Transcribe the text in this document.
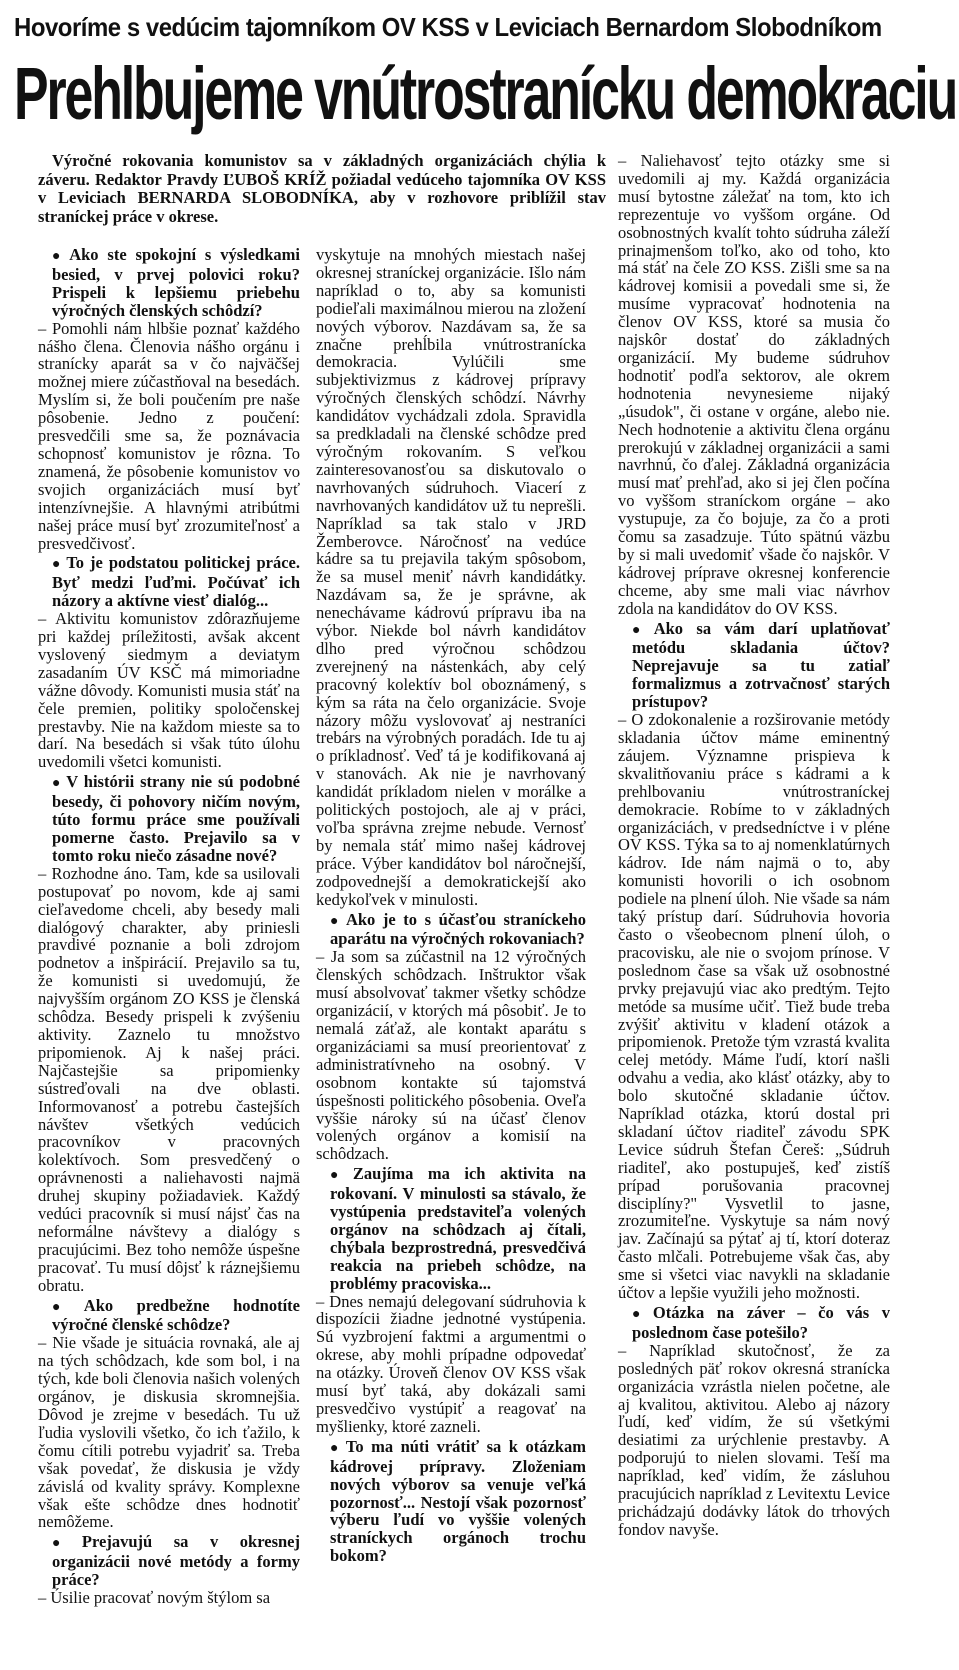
Hovoríme s vedúcim tajomníkom OV KSS v Leviciach Bernardom Slobodníkom
Prehlbujeme vnútrostranícku demokraciu

Výročné rokovania komunistov sa v základných organizáciách chýlia k záveru. Redaktor Pravdy ĽUBOŠ KRÍŽ požiadal vedúceho tajomníka OV KSS v Leviciach BERNARDA SLOBODNÍKA, aby v rozhovore priblížil stav straníckej práce v okrese.

● Ako ste spokojní s výsledkami besied, v prvej polovici roku? Prispeli k lepšiemu priebehu výročných členských schôdzí?

– Pomohli nám hlbšie poznať každého nášho člena. Členovia nášho orgánu i stranícky aparát sa v čo najväčšej možnej miere zúčastňoval na besedách. Myslím si, že boli poučením pre naše pôsobenie. Jedno z poučení: presvedčili sme sa, že poznávacia schopnosť komunistov je rôzna. To znamená, že pôsobenie komunistov vo svojich organizáciách musí byť intenzívnejšie. A hlavnými atribútmi našej práce musí byť zrozumiteľnosť a presvedčivosť.

● To je podstatou politickej práce. Byť medzi ľuďmi. Počúvať ich názory a aktívne viesť dialóg...

– Aktivitu komunistov zdôrazňujeme pri každej príležitosti, avšak akcent vyslovený siedmym a deviatym zasadaním ÚV KSČ má mimoriadne vážne dôvody. Komunisti musia stáť na čele premien, politiky spoločenskej prestavby. Nie na každom mieste sa to darí. Na besedách si však túto úlohu uvedomili všetci komunisti.

● V histórii strany nie sú podobné besedy, či pohovory ničím novým, túto formu práce sme používali pomerne často. Prejavilo sa v tomto roku niečo zásadne nové?

– Rozhodne áno. Tam, kde sa usilovali postupovať po novom, kde aj sami cieľavedome chceli, aby besedy mali dialógový charakter, aby priniesli pravdivé poznanie a boli zdrojom podnetov a inšpirácií. Prejavilo sa tu, že komunisti si uvedomujú, že najvyšším orgánom ZO KSS je členská schôdza. Besedy prispeli k zvýšeniu aktivity. Zaznelo tu množstvo pripomienok. Aj k našej práci. Najčastejšie sa pripomienky sústreďovali na dve oblasti. Informovanosť a potrebu častejších návštev všetkých vedúcich pracovníkov v pracovných kolektívoch. Som presvedčený o oprávnenosti a naliehavosti najmä druhej skupiny požiadaviek. Každý vedúci pracovník si musí nájsť čas na neformálne návštevy a dialógy s pracujúcimi. Bez toho nemôže úspešne pracovať. Tu musí dôjsť k ráznejšiemu obratu.

● Ako predbežne hodnotíte výročné členské schôdze?

– Nie všade je situácia rovnaká, ale aj na tých schôdzach, kde som bol, i na tých, kde boli členovia našich volených orgánov, je diskusia skromnejšia. Dôvod je zrejme v besedách. Tu už ľudia vyslovili všetko, čo ich ťažilo, k čomu cítili potrebu vyjadriť sa. Treba však povedať, že diskusia je vždy závislá od kvality správy. Komplexne však ešte schôdze dnes hodnotiť nemôžeme.

● Prejavujú sa v okresnej organizácii nové metódy a formy práce?

– Úsilie pracovať novým štýlom sa

vyskytuje na mnohých miestach našej okresnej straníckej organizácie. Išlo nám napríklad o to, aby sa komunisti podieľali maximálnou mierou na zložení nových výborov. Nazdávam sa, že sa značne prehĺbila vnútrostranícka demokracia. Vylúčili sme subjektivizmus z kádrovej prípravy výročných členských schôdzí. Návrhy kandidátov vychádzali zdola. Spravidla sa predkladali na členské schôdze pred výročným rokovaním. S veľkou zainteresovanosťou sa diskutovalo o navrhovaných súdruhoch. Viacerí z navrhovaných kandidátov už tu neprešli. Napríklad sa tak stalo v JRD Žemberovce. Náročnosť na vedúce kádre sa tu prejavila takým spôsobom, že sa musel meniť návrh kandidátky. Nazdávam sa, že je správne, ak nenechávame kádrovú prípravu iba na výbor. Niekde bol návrh kandidátov dlho pred výročnou schôdzou zverejnený na nástenkách, aby celý pracovný kolektív bol oboznámený, s kým sa ráta na čelo organizácie. Svoje názory môžu vyslovovať aj nestraníci trebárs na výrobných poradách. Ide tu aj o príkladnosť. Veď tá je kodifikovaná aj v stanovách. Ak nie je navrhovaný kandidát príkladom nielen v morálke a politických postojoch, ale aj v práci, voľba správna zrejme nebude. Vernosť by nemala stáť mimo našej kádrovej práce. Výber kandidátov bol náročnejší, zodpovednejší a demokratickejší ako kedykoľvek v minulosti.

● Ako je to s účasťou straníckeho aparátu na výročných rokovaniach?

– Ja som sa zúčastnil na 12 výročných členských schôdzach. Inštruktor však musí absolvovať takmer všetky schôdze organizácií, v ktorých má pôsobiť. Je to nemalá záťaž, ale kontakt aparátu s organizáciami sa musí preorientovať z administratívneho na osobný. V osobnom kontakte sú tajomstvá úspešnosti politického pôsobenia. Oveľa vyššie nároky sú na účasť členov volených orgánov a komisií na schôdzach.

● Zaujíma ma ich aktivita na rokovaní. V minulosti sa stávalo, že vystúpenia predstaviteľa volených orgánov na schôdzach aj čítali, chýbala bezprostredná, presvedčivá reakcia na priebeh schôdze, na problémy pracoviska...

– Dnes nemajú delegovaní súdruhovia k dispozícii žiadne jednotné vystúpenia. Sú vyzbrojení faktmi a argumentmi o okrese, aby mohli prípadne odpovedať na otázky. Úroveň členov OV KSS však musí byť taká, aby dokázali sami presvedčivo vystúpiť a reagovať na myšlienky, ktoré zazneli.

● To ma núti vrátiť sa k otázkam kádrovej prípravy. Zloženiam nových výborov sa venuje veľká pozornosť... Nestojí však pozornosť výberu ľudí vo vyššie volených straníckych orgánoch trochu bokom?

– Naliehavosť tejto otázky sme si uvedomili aj my. Každá organizácia musí bytostne záležať na tom, kto ich reprezentuje vo vyššom orgáne. Od osobnostných kvalít tohto súdruha záleží prinajmenšom toľko, ako od toho, kto má stáť na čele ZO KSS. Zišli sme sa na kádrovej komisii a povedali sme si, že musíme vypracovať hodnotenia na členov OV KSS, ktoré sa musia čo najskôr dostať do základných organizácií. My budeme súdruhov hodnotiť podľa sektorov, ale okrem hodnotenia nevynesieme nijaký „úsudok", či ostane v orgáne, alebo nie. Nech hodnotenie a aktivitu člena orgánu prerokujú v základnej organizácii a sami navrhnú, čo ďalej. Základná organizácia musí mať prehľad, ako si jej člen počína vo vyššom straníckom orgáne – ako vystupuje, za čo bojuje, za čo a proti čomu sa zasadzuje. Túto spätnú väzbu by si mali uvedomiť všade čo najskôr. V kádrovej príprave okresnej konferencie chceme, aby sme mali viac návrhov zdola na kandidátov do OV KSS.

● Ako sa vám darí uplatňovať metódu skladania účtov? Neprejavuje sa tu zatiaľ formalizmus a zotrvačnosť starých prístupov?

– O zdokonalenie a rozširovanie metódy skladania účtov máme eminentný záujem. Významne prispieva k skvalitňovaniu práce s kádrami a k prehlbovaniu vnútrostraníckej demokracie. Robíme to v základných organizáciách, v predsedníctve i v pléne OV KSS. Týka sa to aj nomenklatúrnych kádrov. Ide nám najmä o to, aby komunisti hovorili o ich osobnom podiele na plnení úloh. Nie všade sa nám taký prístup darí. Súdruhovia hovoria často o všeobecnom plnení úloh, o pracovisku, ale nie o svojom prínose. V poslednom čase sa však už osobnostné prvky prejavujú viac ako predtým. Tejto metóde sa musíme učiť. Tiež bude treba zvýšiť aktivitu v kladení otázok a pripomienok. Pretože tým vzrastá kvalita celej metódy. Máme ľudí, ktorí našli odvahu a vedia, ako klásť otázky, aby to bolo skutočné skladanie účtov. Napríklad otázka, ktorú dostal pri skladaní účtov riaditeľ závodu SPK Levice súdruh Štefan Čereš: „Súdruh riaditeľ, ako postupuješ, keď zistíš prípad porušovania pracovnej disciplíny?" Vysvetlil to jasne, zrozumiteľne. Vyskytuje sa nám nový jav. Začínajú sa pýtať aj tí, ktorí doteraz často mlčali. Potrebujeme však čas, aby sme si všetci viac navykli na skladanie účtov a lepšie využili jeho možnosti.

● Otázka na záver – čo vás v poslednom čase potešilo?

– Napríklad skutočnosť, že za posledných päť rokov okresná stranícka organizácia vzrástla nielen početne, ale aj kvalitou, aktivitou. Alebo aj názory ľudí, keď vidím, že sú všetkými desiatimi za urýchlenie prestavby. A podporujú to nielen slovami. Teší ma napríklad, keď vidím, že zásluhou pracujúcich napríklad z Levitextu Levice prichádzajú dodávky látok do trhových fondov navyše.
